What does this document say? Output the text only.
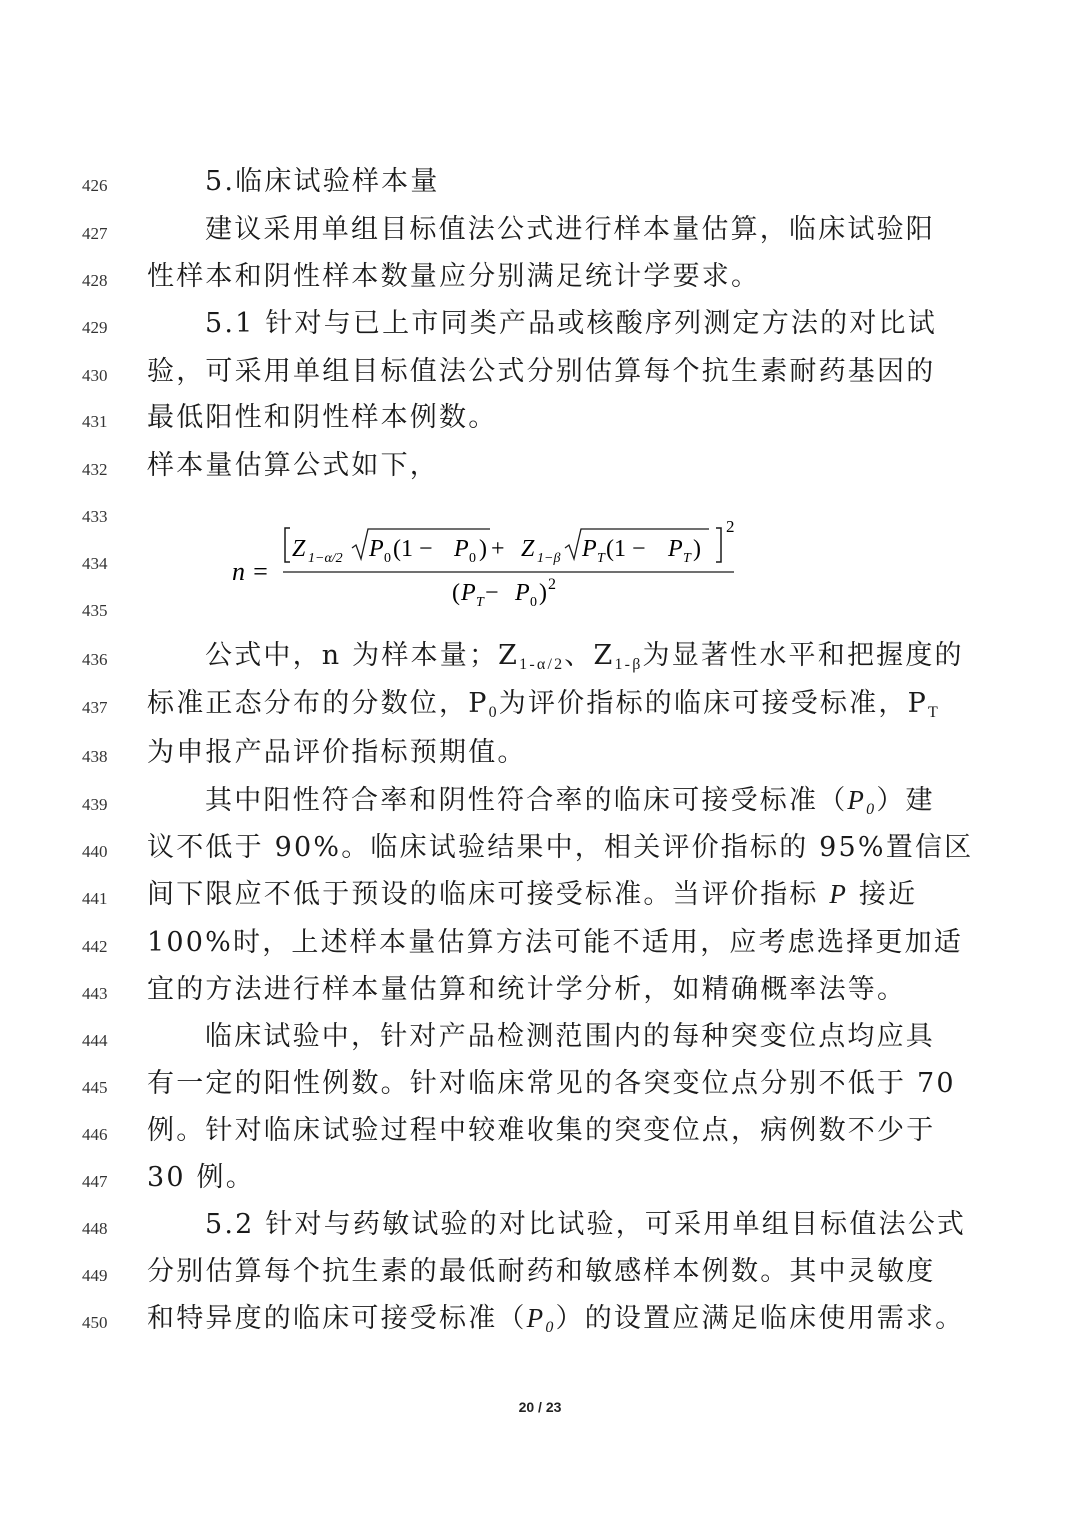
426
427
428
429
430
431
432
433
434
435
436
437
438
439
440
441
442
443
444
445
446
447
448
449
450
5.临床试验样本量
建议采用单组目标值法公式进行样本量估算，临床试验阳
性样本和阴性样本数量应分别满足统计学要求。
5.1 针对与已上市同类产品或核酸序列测定方法的对比试
验，可采用单组目标值法公式分别估算每个抗生素耐药基因的
最低阳性和阴性样本例数。
样本量估算公式如下，
n =
2
Z 1−α/2 P 0 (1 − P 0 ) + Z 1−β P T (1 − P T )
( P T − P 0 ) 2
公式中，n 为样本量；$Z_{1-\alpha/2}$、$Z_{1-\beta}$为显著性水平和把握度的
标准正态分布的分数位，$P_0$为评价指标的临床可接受标准，$P_T$
为申报产品评价指标预期值。
其中阳性符合率和阴性符合率的临床可接受标准$(P_0)$建
议不低于 90%。临床试验结果中，相关评价指标的 95%置信区
间下限应不低于预设的临床可接受标准。当评价指标 P 接近
100%时，上述样本量估算方法可能不适用，应考虑选择更加适
宜的方法进行样本量估算和统计学分析，如精确概率法等。
临床试验中，针对产品检测范围内的每种突变位点均应具
有一定的阳性例数。针对临床常见的各突变位点分别不低于 70
例。针对临床试验过程中较难收集的突变位点，病例数不少于
30 例。
5.2 针对与药敏试验的对比试验，可采用单组目标值法公式
分别估算每个抗生素的最低耐药和敏感样本例数。其中灵敏度
和特异度的临床可接受标准$(P_0)$的设置应满足临床使用需求。
20 / 23
